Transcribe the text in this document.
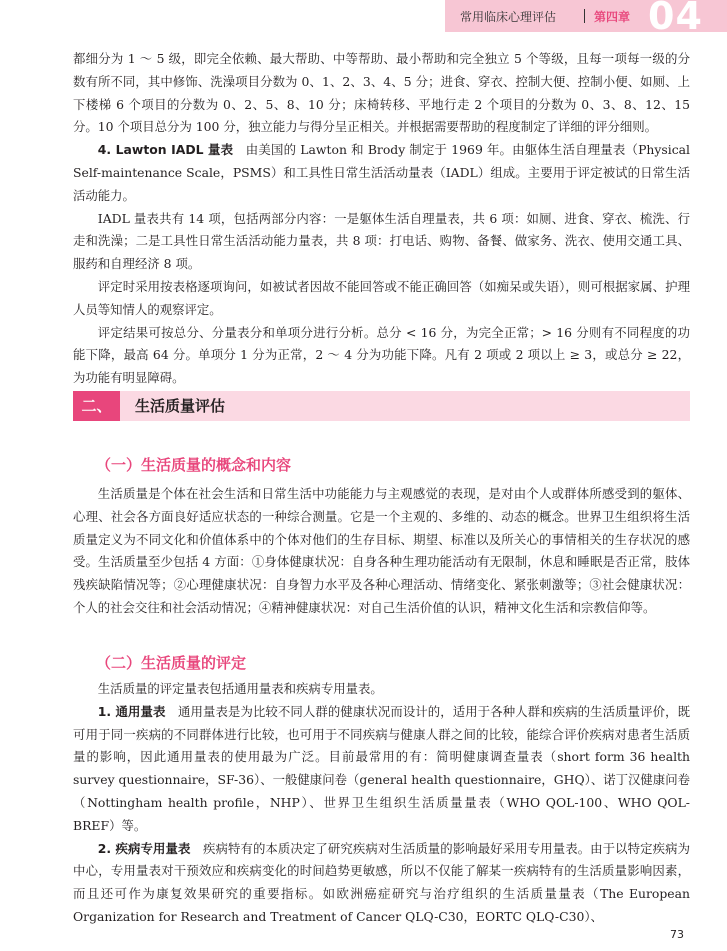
常用临床心理评估	第四章 04

都细分为 1 ～ 5 级，即完全依赖、最大帮助、中等帮助、最小帮助和完全独立 5 个等级，且每一项每一级的分数有所不同，其中修饰、洗澡项目分数为 0、1、2、3、4、5 分；进食、穿衣、控制大便、控制小便、如厕、上下楼梯 6 个项目的分数为 0、2、5、8、10 分；床椅转移、平地行走 2 个项目的分数为 0、3、8、12、15 分。10 个项目总分为 100 分，独立能力与得分呈正相关。并根据需要帮助的程度制定了详细的评分细则。

4. Lawton IADL 量表　 由美国的 Lawton 和 Brody 制定于 1969 年。由躯体生活自理量表（Physical Self-maintenance Scale，PSMS）和工具性日常生活活动量表（IADL）组成。主要用于评定被试的日常生活活动能力。

IADL 量表共有 14 项，包括两部分内容：一是躯体生活自理量表，共 6 项：如厕、进食、穿衣、梳洗、行走和洗澡；二是工具性日常生活活动能力量表，共 8 项：打电话、购物、备餐、做家务、洗衣、使用交通工具、服药和自理经济 8 项。

评定时采用按表格逐项询问，如被试者因故不能回答或不能正确回答（如痴呆或失语），则可根据家属、护理人员等知情人的观察评定。

评定结果可按总分、分量表分和单项分进行分析。总分 < 16 分，为完全正常；> 16 分则有不同程度的功能下降，最高 64 分。单项分 1 分为正常，2 ～ 4 分为功能下降。凡有 2 项或 2 项以上 ≥ 3，或总分 ≥ 22，为功能有明显障碍。

二、	生活质量评估
（一）生活质量的概念和内容

生活质量是个体在社会生活和日常生活中功能能力与主观感觉的表现，是对由个人或群体所感受到的躯体、心理、社会各方面良好适应状态的一种综合测量。它是一个主观的、多维的、动态的概念。世界卫生组织将生活质量定义为不同文化和价值体系中的个体对他们的生存目标、期望、标准以及所关心的事情相关的生存状况的感受。生活质量至少包括 4 方面：①身体健康状况：自身各种生理功能活动有无限制，休息和睡眠是否正常，肢体残疾缺陷情况等；②心理健康状况：自身智力水平及各种心理活动、情绪变化、紧张刺激等；③社会健康状况：个人的社会交往和社会活动情况；④精神健康状况：对自己生活价值的认识，精神文化生活和宗教信仰等。

（二）生活质量的评定

生活质量的评定量表包括通用量表和疾病专用量表。

1. 通用量表　 通用量表是为比较不同人群的健康状况而设计的，适用于各种人群和疾病的生活质量评价，既可用于同一疾病的不同群体进行比较，也可用于不同疾病与健康人群之间的比较，能综合评价疾病对患者生活质量的影响，因此通用量表的使用最为广泛。目前最常用的有：简明健康调查量表（short form 36 health survey questionnaire，SF-36）、一般健康问卷（general health questionnaire，GHQ）、诺丁汉健康问卷（Nottingham health profile，NHP）、世界卫生组织生活质量量表（WHO QOL-100、WHO QOL-BREF）等。

2. 疾病专用量表　 疾病特有的本质决定了研究疾病对生活质量的影响最好采用专用量表。由于以特定疾病为中心，专用量表对干预效应和疾病变化的时间趋势更敏感，所以不仅能了解某一疾病特有的生活质量影响因素，而且还可作为康复效果研究的重要指标。如欧洲癌症研究与治疗组织的生活质量量表（The European Organization for Research and Treatment of Cancer QLQ-C30，EORTC QLQ-C30）、

73
